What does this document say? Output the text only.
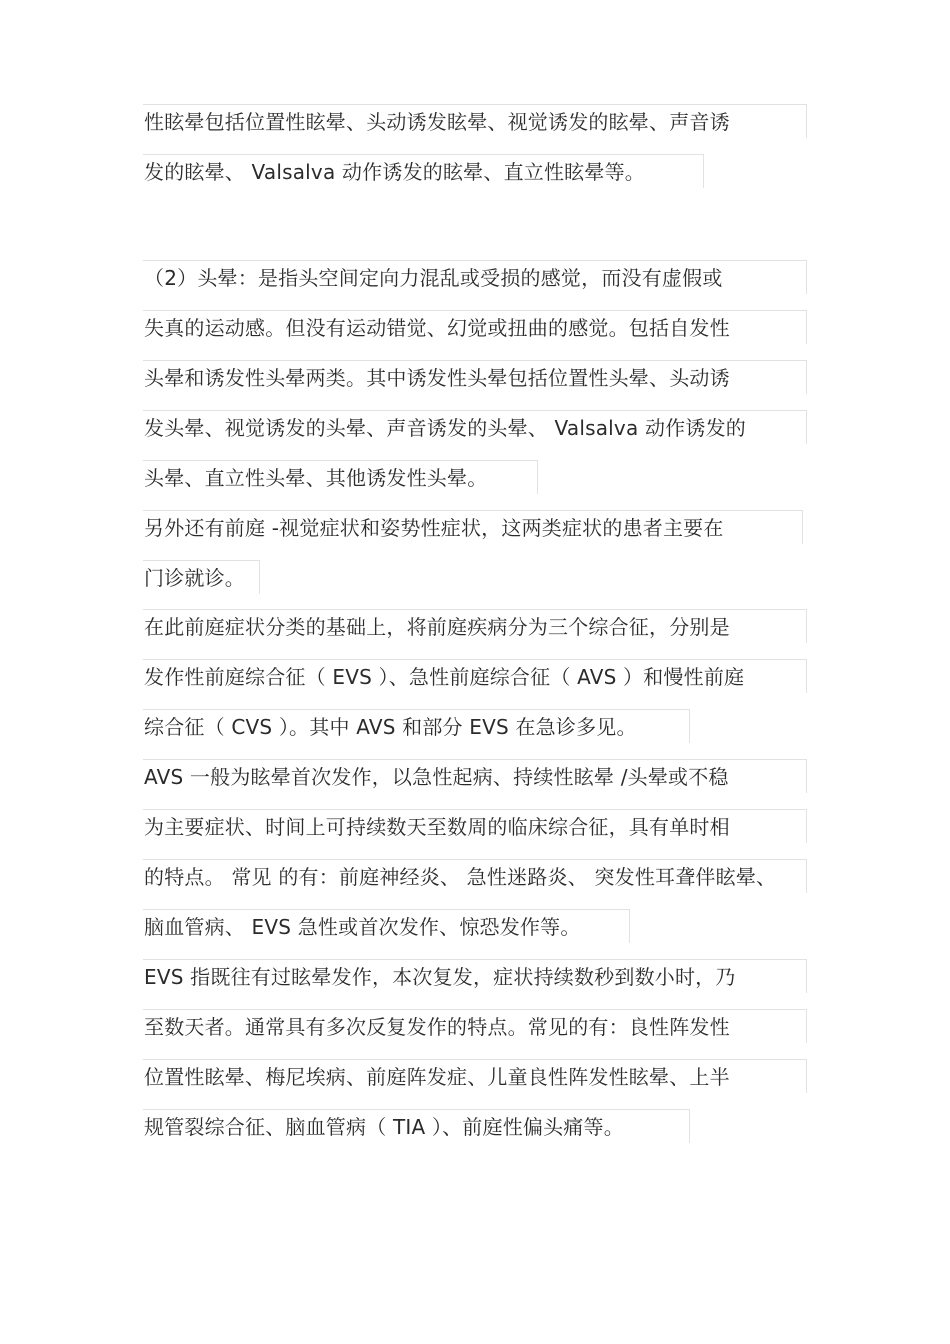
性眩晕包括位置性眩晕、头动诱发眩晕、视觉诱发的眩晕、声音诱
发的眩晕、 Valsalva 动作诱发的眩晕、直立性眩晕等。
（2）头晕：是指头空间定向力混乱或受损的感觉，而没有虚假或
失真的运动感。但没有运动错觉、幻觉或扭曲的感觉。包括自发性
头晕和诱发性头晕两类。其中诱发性头晕包括位置性头晕、头动诱
发头晕、视觉诱发的头晕、声音诱发的头晕、 Valsalva 动作诱发的
头晕、直立性头晕、其他诱发性头晕。
另外还有前庭 -视觉症状和姿势性症状，这两类症状的患者主要在
门诊就诊。
在此前庭症状分类的基础上，将前庭疾病分为三个综合征，分别是
发作性前庭综合征（ EVS ）、急性前庭综合征（ AVS ）和慢性前庭
综合征（ CVS ）。其中 AVS 和部分 EVS 在急诊多见。
AVS 一般为眩晕首次发作，以急性起病、持续性眩晕 /头晕或不稳
为主要症状、时间上可持续数天至数周的临床综合征，具有单时相
的特点。 常见 的有：前庭神经炎、 急性迷路炎、 突发性耳聋伴眩晕、
脑血管病、 EVS 急性或首次发作、惊恐发作等。
EVS 指既往有过眩晕发作，本次复发，症状持续数秒到数小时，乃
至数天者。通常具有多次反复发作的特点。常见的有：良性阵发性
位置性眩晕、梅尼埃病、前庭阵发症、儿童良性阵发性眩晕、上半
规管裂综合征、脑血管病（ TIA ）、前庭性偏头痛等。
